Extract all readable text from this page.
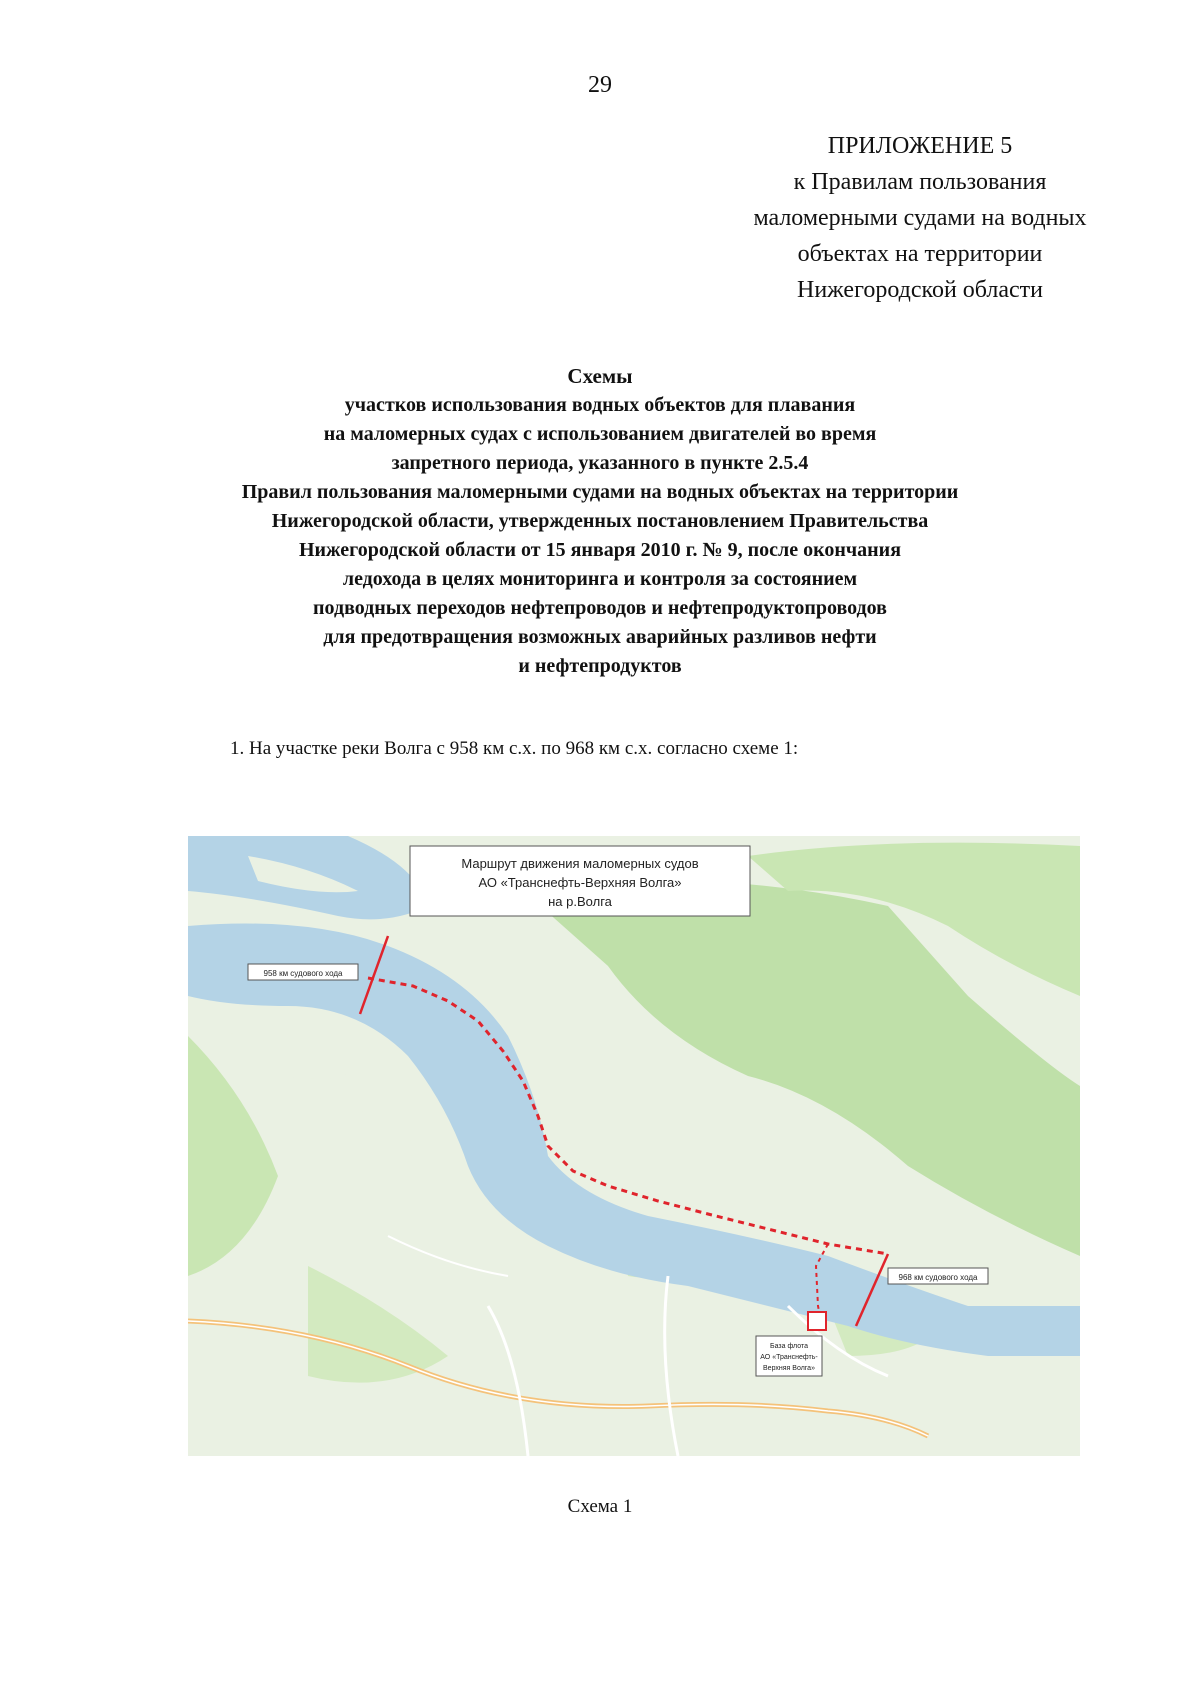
29
ПРИЛОЖЕНИЕ 5
к Правилам пользования
маломерными судами на водных
объектах на территории
Нижегородской области
Схемы
участков использования водных объектов для плавания
на маломерных судах с использованием двигателей во время
запретного периода, указанного в пункте 2.5.4
Правил пользования маломерными судами на водных объектах на территории
Нижегородской области, утвержденных постановлением Правительства
Нижегородской области от 15 января 2010 г. № 9, после окончания
ледохода в целях мониторинга и контроля за состоянием
подводных переходов нефтепроводов и нефтепродуктопроводов
для предотвращения возможных аварийных разливов нефти
и нефтепродуктов
1. На участке реки Волга с 958 км с.х. по 968 км с.х. согласно схеме 1:
Маршрут движения маломерных судов
АО «Транснефть-Верхняя Волга»
на р.Волга
958 км судового хода
968 км судового хода
База флота
АО «Транснефть-
Верхняя Волга»
Схема 1
